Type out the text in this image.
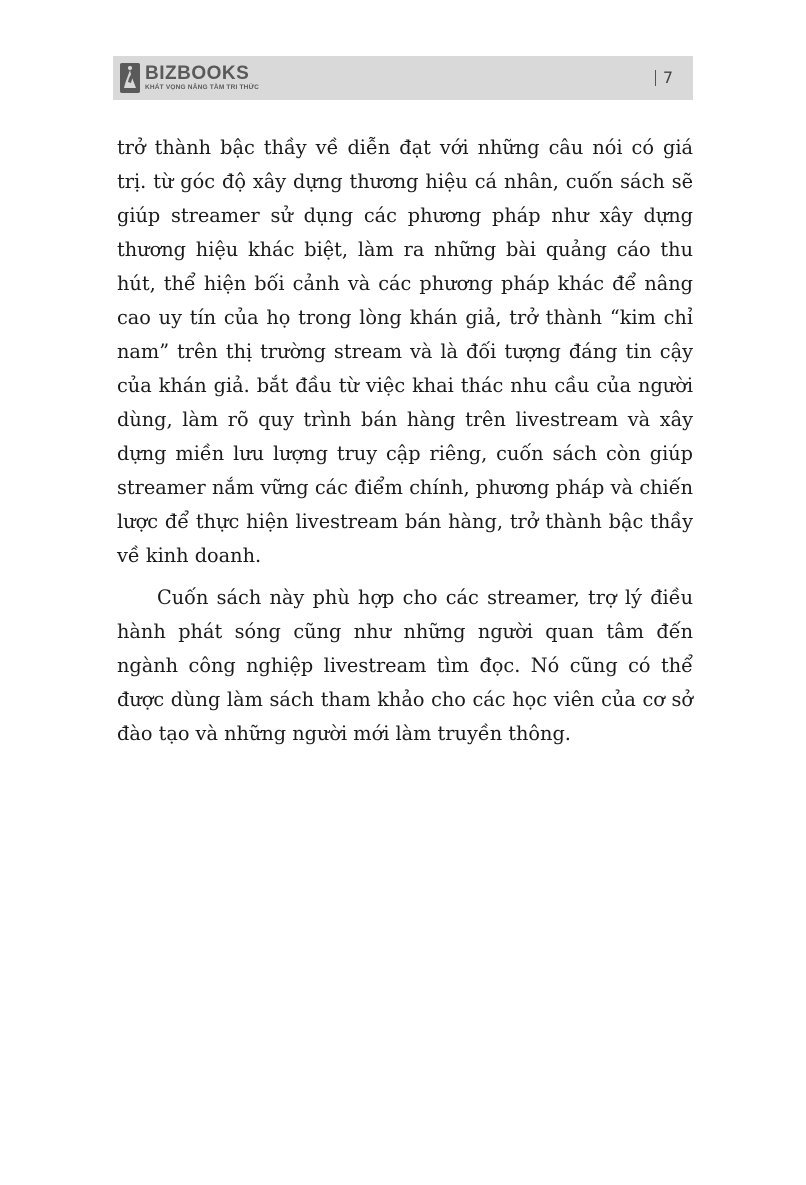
BIZBOOKS
KHÁT VỌNG NÂNG TẦM TRI THỨC
7

trở thành bậc thầy về diễn đạt với những câu nói có giá trị. từ góc độ xây dựng thương hiệu cá nhân, cuốn sách sẽ giúp streamer sử dụng các phương pháp như xây dựng thương hiệu khác biệt, làm ra những bài quảng cáo thu hút, thể hiện bối cảnh và các phương pháp khác để nâng cao uy tín của họ trong lòng khán giả, trở thành “kim chỉ nam” trên thị trường stream và là đối tượng đáng tin cậy của khán giả. bắt đầu từ việc khai thác nhu cầu của người dùng, làm rõ quy trình bán hàng trên livestream và xây dựng miền lưu lượng truy cập riêng, cuốn sách còn giúp streamer nắm vững các điểm chính, phương pháp và chiến lược để thực hiện livestream bán hàng, trở thành bậc thầy về kinh doanh.

Cuốn sách này phù hợp cho các streamer, trợ lý điều hành phát sóng cũng như những người quan tâm đến ngành công nghiệp livestream tìm đọc. Nó cũng có thể được dùng làm sách tham khảo cho các học viên của cơ sở đào tạo và những người mới làm truyền thông.
